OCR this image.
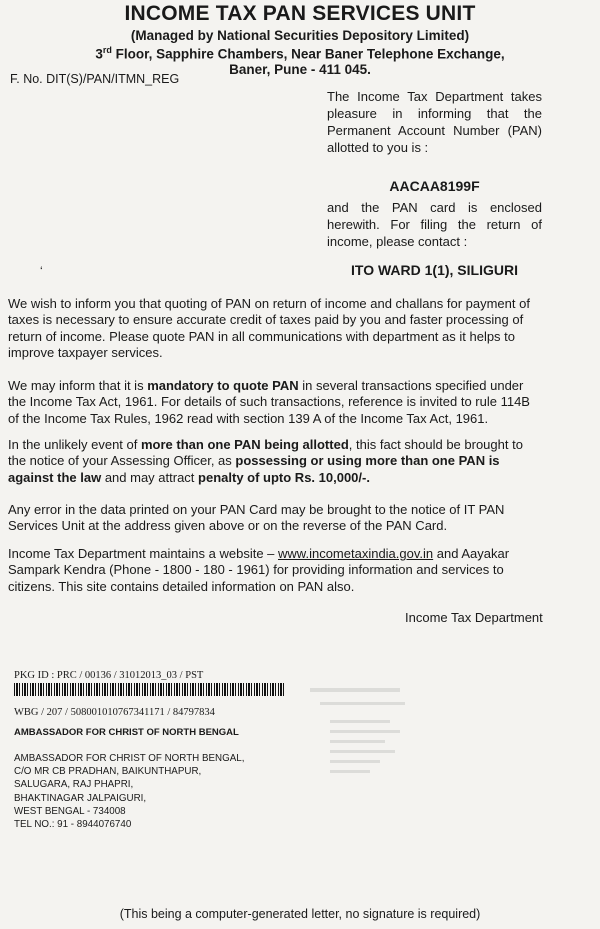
INCOME TAX PAN SERVICES UNIT
(Managed by National Securities Depository Limited)
3rd Floor, Sapphire Chambers, Near Baner Telephone Exchange,
Baner, Pune - 411 045.
F. No. DIT(S)/PAN/ITMN_REG
The Income Tax Department takes pleasure in informing that the Permanent Account Number (PAN) allotted to you is :
AACAA8199F
and the PAN card is enclosed herewith. For filing the return of income, please contact :
‘	ITO WARD 1(1), SILIGURI
We wish to inform you that quoting of PAN on return of income and challans for payment of taxes is necessary to ensure accurate credit of taxes paid by you and faster processing of return of income. Please quote PAN in all communications with department as it helps to improve taxpayer services.
We may inform that it is mandatory to quote PAN in several transactions specified under the Income Tax Act, 1961. For details of such transactions, reference is invited to rule 114B of the Income Tax Rules, 1962 read with section 139 A of the Income Tax Act, 1961.
In the unlikely event of more than one PAN being allotted, this fact should be brought to the notice of your Assessing Officer, as possessing or using more than one PAN is against the law and may attract penalty of upto Rs. 10,000/-.
Any error in the data printed on your PAN Card may be brought to the notice of IT PAN Services Unit at the address given above or on the reverse of the PAN Card.
Income Tax Department maintains a website – www.incometaxindia.gov.in and Aayakar Sampark Kendra (Phone - 1800 - 180 - 1961) for providing information and services to citizens. This site contains detailed information on PAN also.
Income Tax Department
PKG ID : PRC / 00136 / 31012013_03 / PST
WBG / 207 / 508001010767341171 / 84797834
AMBASSADOR FOR CHRIST OF NORTH BENGAL
AMBASSADOR FOR CHRIST OF NORTH BENGAL,
C/O MR CB PRADHAN, BAIKUNTHAPUR,
SALUGARA, RAJ PHAPRI,
BHAKTINAGAR JALPAIGURI,
WEST BENGAL - 734008
TEL NO.: 91 - 8944076740
(This being a computer-generated letter, no signature is required)
